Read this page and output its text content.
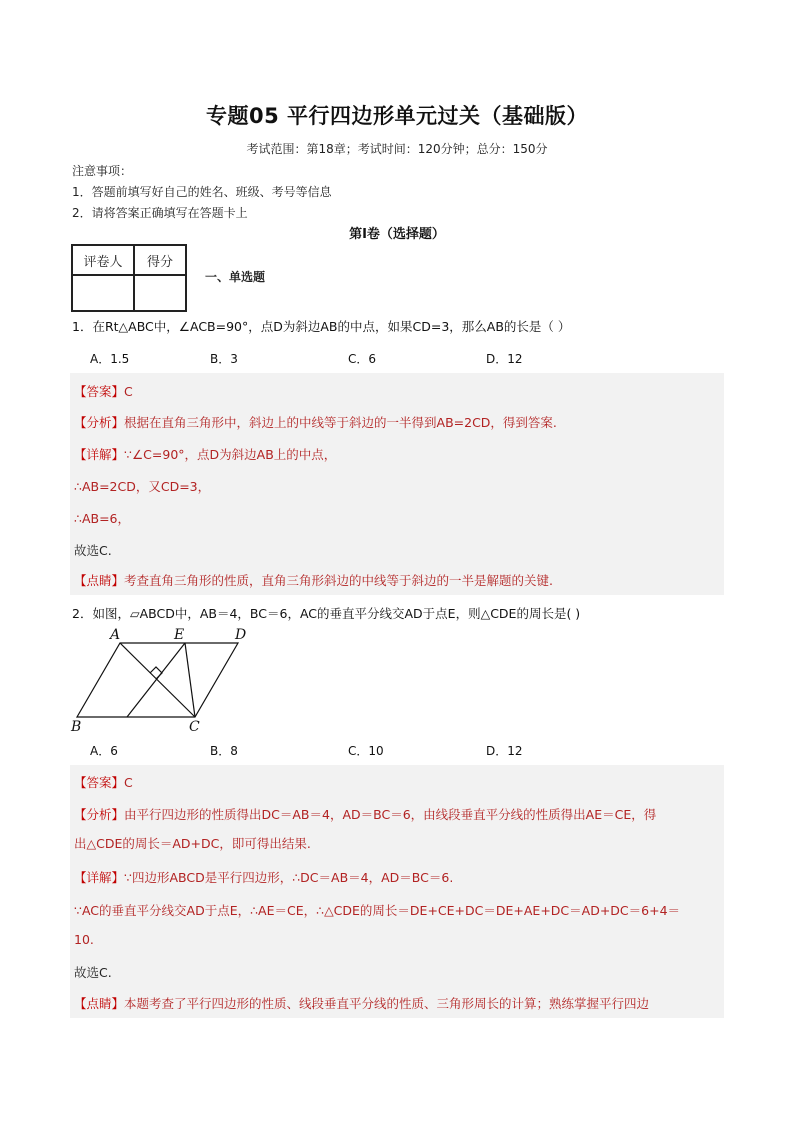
专题05 平行四边形单元过关（基础版）
考试范围：第18章；考试时间：120分钟；总分：150分
注意事项：
1．答题前填写好自己的姓名、班级、考号等信息
2．请将答案正确填写在答题卡上
第I卷（选择题）
评卷人	得分

一、单选题
1．在Rt△ABC中，∠ACB=90°，点D为斜边AB的中点，如果CD=3，那么AB的长是（ ）
A．1.5	B．3	C．6	D．12
【答案】C
【分析】根据在直角三角形中，斜边上的中线等于斜边的一半得到AB=2CD，得到答案.
【详解】∵∠C=90°，点D为斜边AB上的中点，
∴AB=2CD，又CD=3，
∴AB=6，
故选C.
【点睛】考查直角三角形的性质，直角三角形斜边的中线等于斜边的一半是解题的关键.
2．如图，▱ABCD中，AB＝4，BC＝6，AC的垂直平分线交AD于点E，则△CDE的周长是( )
A	E	D
B	C
A．6	B．8	C．10	D．12
【答案】C
【分析】由平行四边形的性质得出DC＝AB＝4，AD＝BC＝6，由线段垂直平分线的性质得出AE＝CE，得
出△CDE的周长＝AD+DC，即可得出结果.
【详解】∵四边形ABCD是平行四边形，∴DC＝AB＝4，AD＝BC＝6.
∵AC的垂直平分线交AD于点E，∴AE＝CE，∴△CDE的周长＝DE+CE+DC＝DE+AE+DC＝AD+DC＝6+4＝
10.
故选C.
【点睛】本题考查了平行四边形的性质、线段垂直平分线的性质、三角形周长的计算；熟练掌握平行四边
